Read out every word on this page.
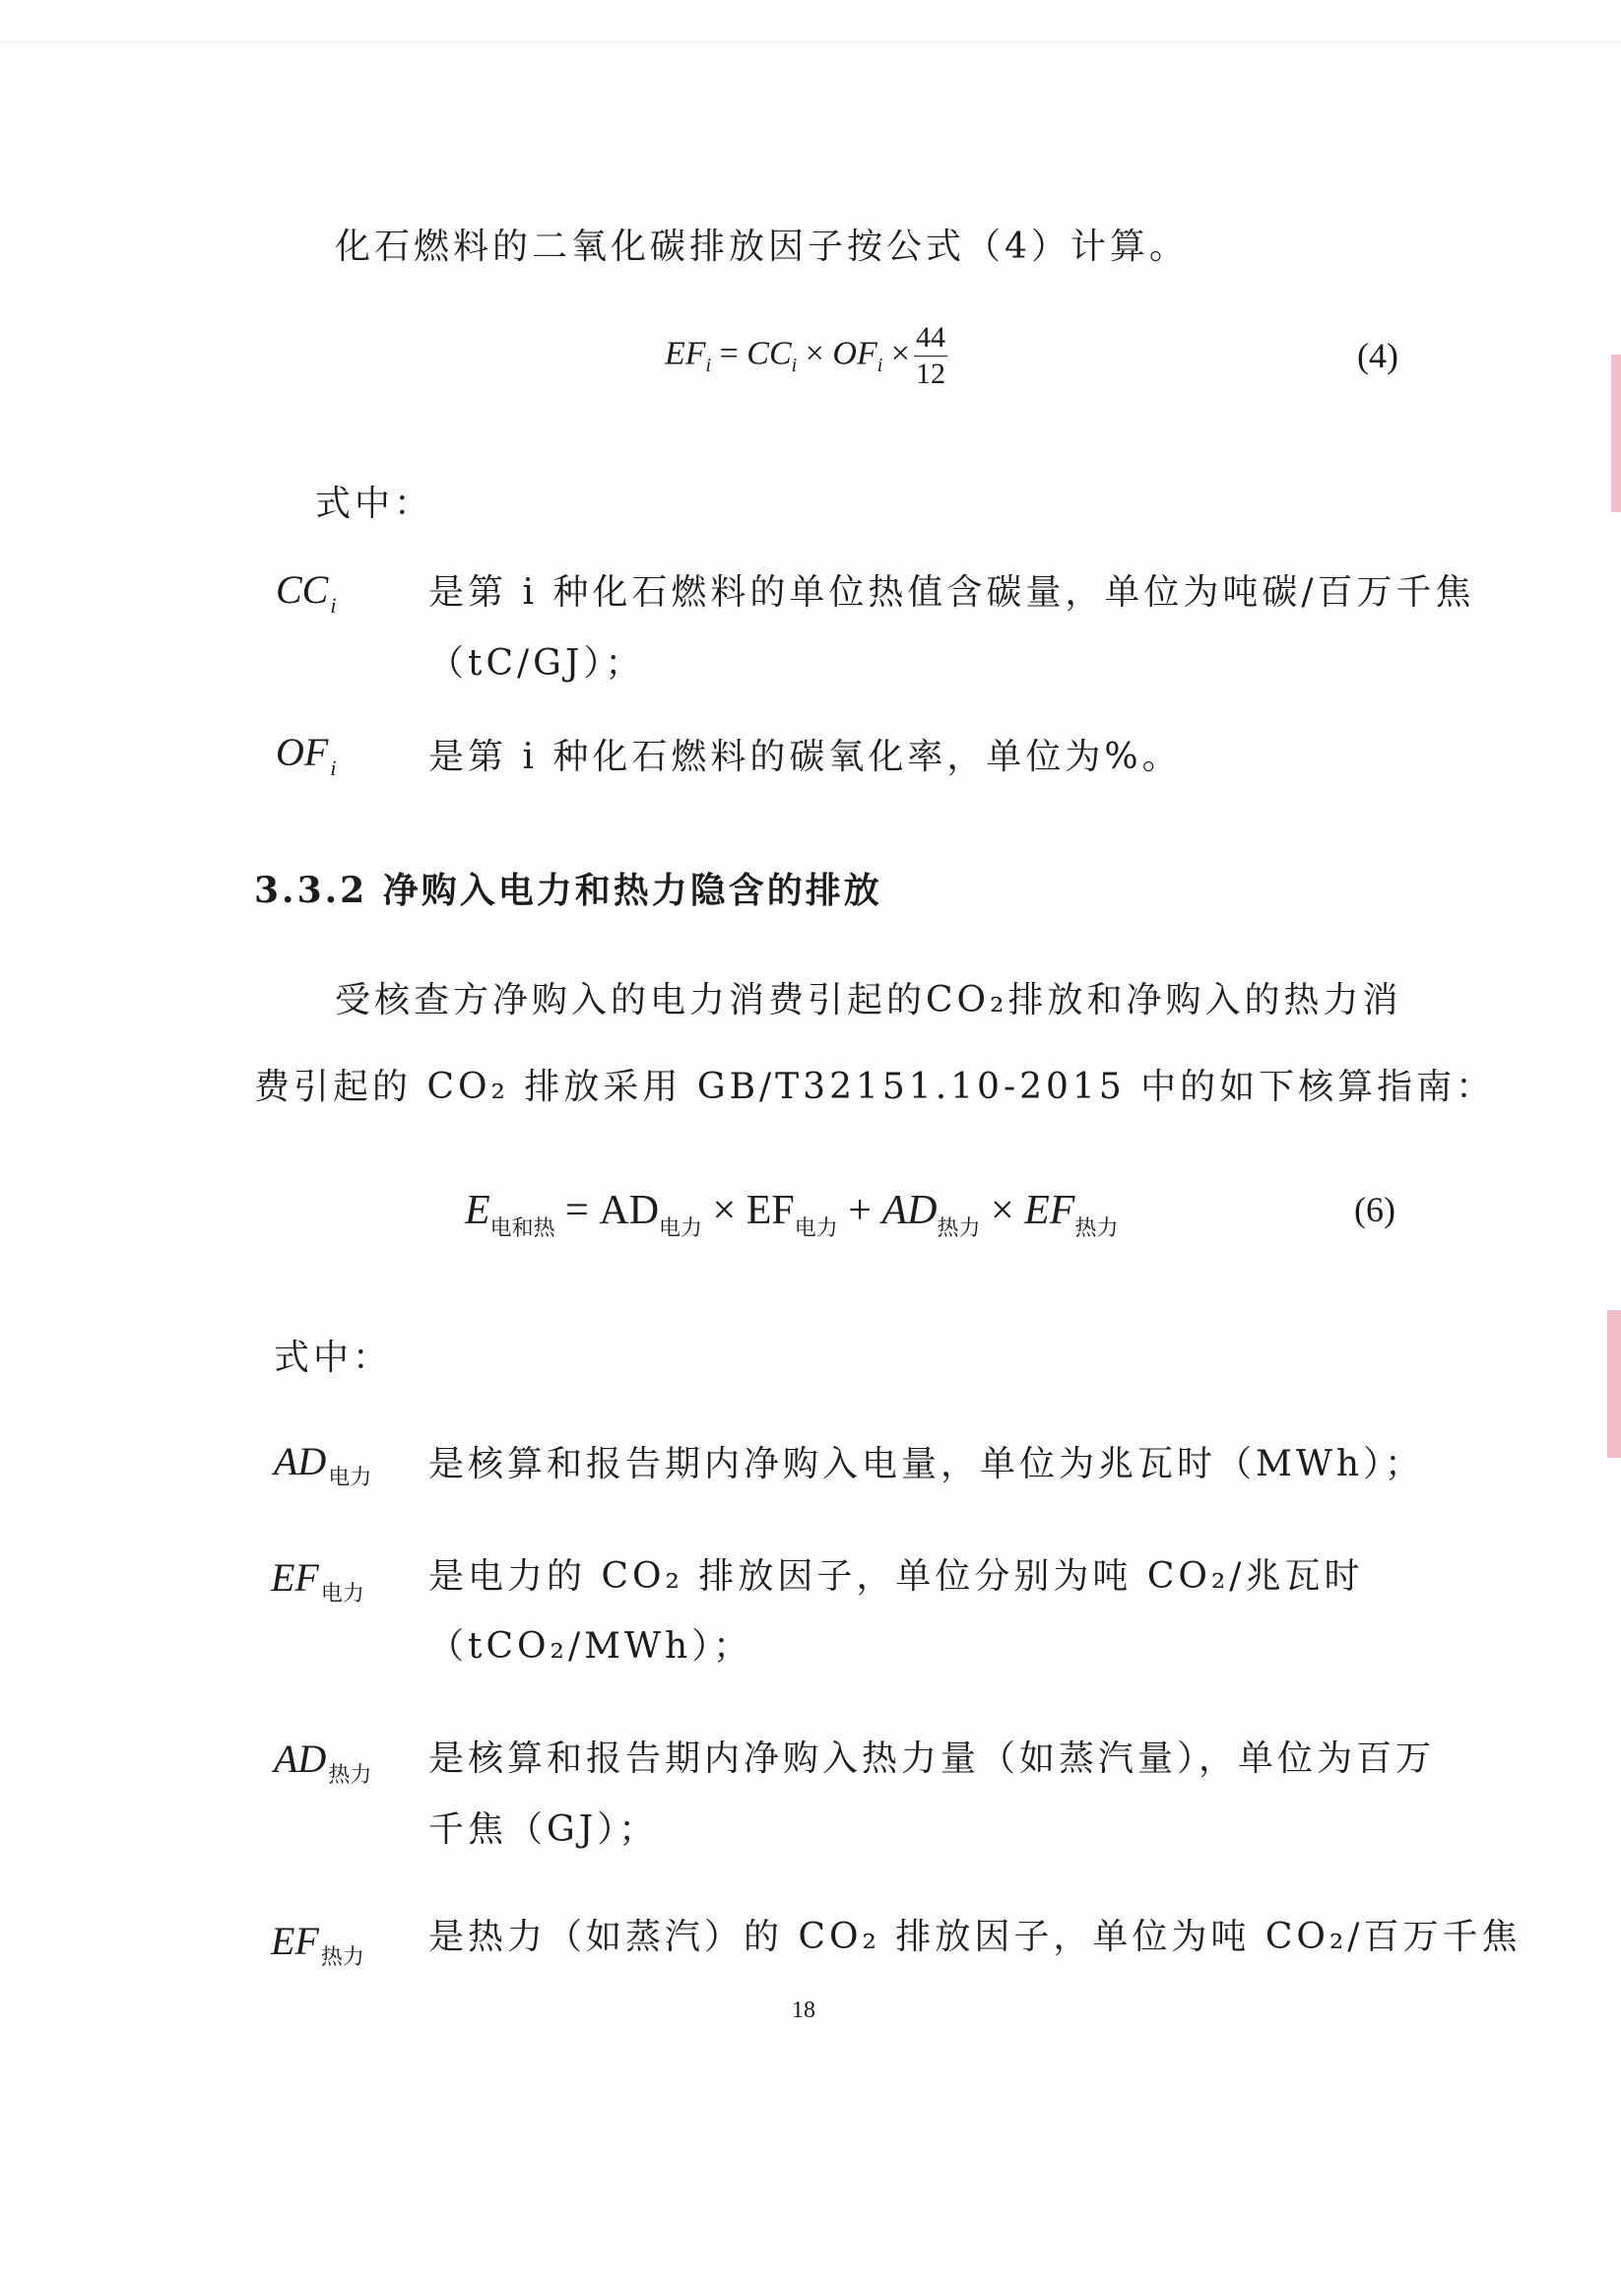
化石燃料的二氧化碳排放因子按公式（4）计算。
$EF_i = CC_i \times OF_i \times \frac{44}{12}$	(4)
式中：
$CC_i$	是第 i 种化石燃料的单位热值含碳量，单位为吨碳/百万千焦
（tC/GJ）；
$OF_i$	是第 i 种化石燃料的碳氧化率，单位为%。
3.3.2 净购入电力和热力隐含的排放
受核查方净购入的电力消费引起的CO₂排放和净购入的热力消
费引起的 CO₂ 排放采用 GB/T32151.10-2015 中的如下核算指南：
$E_{电和热} = AD_{电力} \times EF_{电力} + AD_{热力} \times EF_{热力}$	(6)
式中：
$AD_{电力}$ 是核算和报告期内净购入电量，单位为兆瓦时（MWh）；
$EF_{电力}$ 是电力的 CO₂ 排放因子，单位分别为吨 CO₂/兆瓦时
（tCO₂/MWh）；
$AD_{热力}$ 是核算和报告期内净购入热力量（如蒸汽量），单位为百万
千焦（GJ）；
$EF_{热力}$
是热力（如蒸汽）的 CO₂ 排放因子，单位为吨 CO₂/百万千焦
18
